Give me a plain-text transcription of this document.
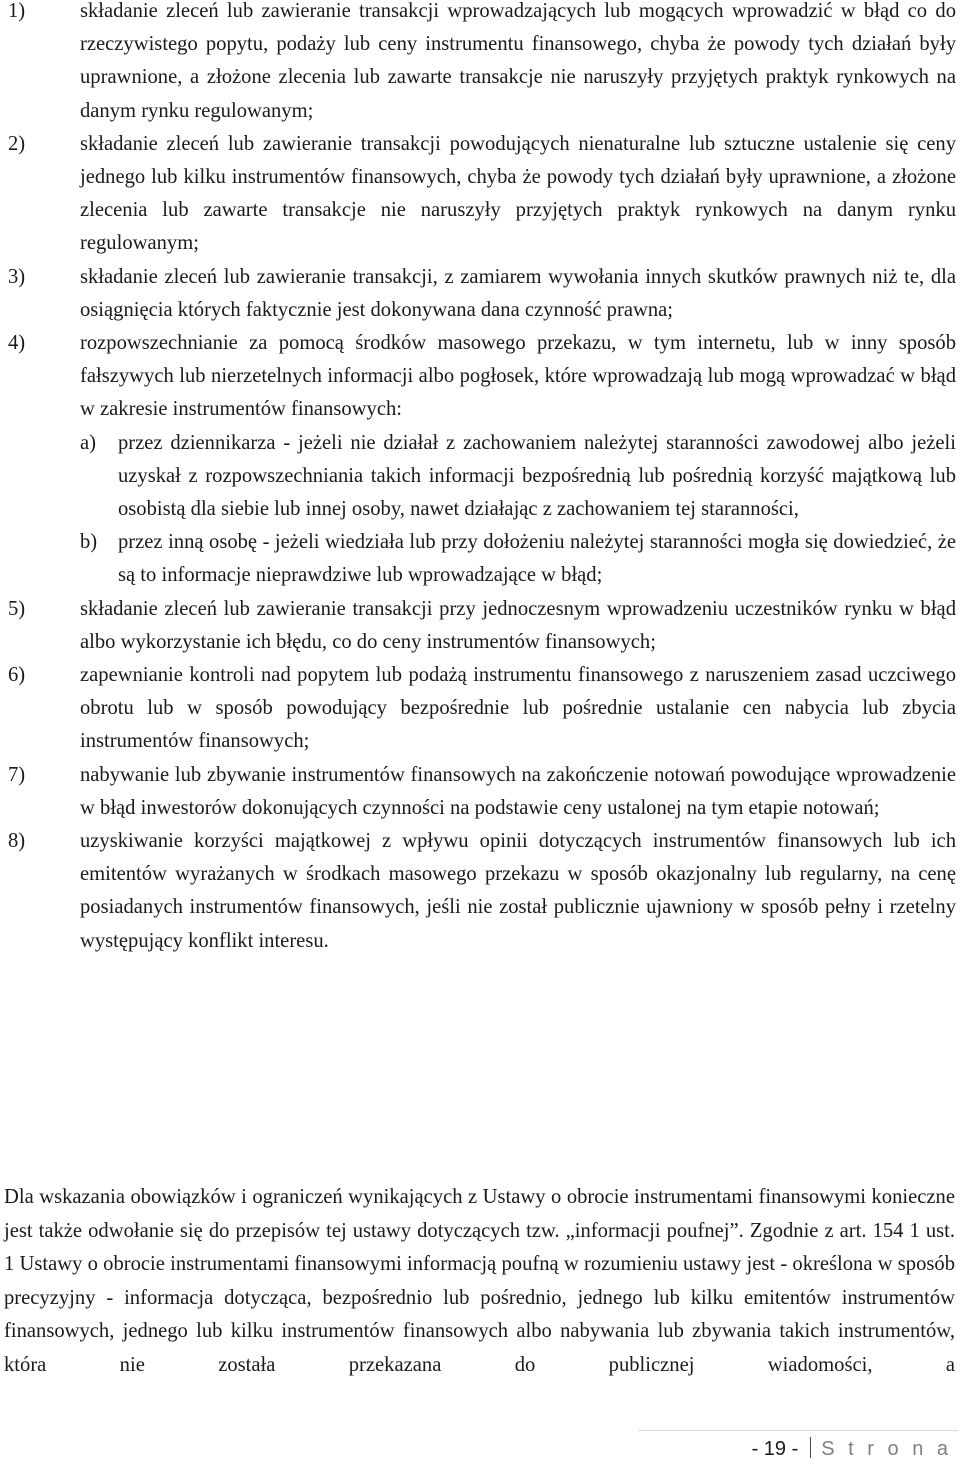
1)	składanie zleceń lub zawieranie transakcji wprowadzających lub mogących wprowadzić w błąd co do rzeczywistego popytu, podaży lub ceny instrumentu finansowego, chyba że powody tych działań były uprawnione, a złożone zlecenia lub zawarte transakcje nie naruszyły przyjętych praktyk rynkowych na danym rynku regulowanym;
2)	składanie zleceń lub zawieranie transakcji powodujących nienaturalne lub sztuczne ustalenie się ceny jednego lub kilku instrumentów finansowych, chyba że powody tych działań były uprawnione, a złożone zlecenia lub zawarte transakcje nie naruszyły przyjętych praktyk rynkowych na danym rynku regulowanym;
3)	składanie zleceń lub zawieranie transakcji, z zamiarem wywołania innych skutków prawnych niż te, dla osiągnięcia których faktycznie jest dokonywana dana czynność prawna;
4)	rozpowszechnianie za pomocą środków masowego przekazu, w tym internetu, lub w inny sposób fałszywych lub nierzetelnych informacji albo pogłosek, które wprowadzają lub mogą wprowadzać w błąd w zakresie instrumentów finansowych:
a)	przez dziennikarza - jeżeli nie działał z zachowaniem należytej staranności zawodowej albo jeżeli uzyskał z rozpowszechniania takich informacji bezpośrednią lub pośrednią korzyść majątkową lub osobistą dla siebie lub innej osoby, nawet działając z zachowaniem tej staranności,
b)	przez inną osobę - jeżeli wiedziała lub przy dołożeniu należytej staranności mogła się dowiedzieć, że są to informacje nieprawdziwe lub wprowadzające w błąd;
5)	składanie zleceń lub zawieranie transakcji przy jednoczesnym wprowadzeniu uczestników rynku w błąd albo wykorzystanie ich błędu, co do ceny instrumentów finansowych;
6)	zapewnianie kontroli nad popytem lub podażą instrumentu finansowego z naruszeniem zasad uczciwego obrotu lub w sposób powodujący bezpośrednie lub pośrednie ustalanie cen nabycia lub zbycia instrumentów finansowych;
7)	nabywanie lub zbywanie instrumentów finansowych na zakończenie notowań powodujące wprowadzenie w błąd inwestorów dokonujących czynności na podstawie ceny ustalonej na tym etapie notowań;
8)	uzyskiwanie korzyści majątkowej z wpływu opinii dotyczących instrumentów finansowych lub ich emitentów wyrażanych w środkach masowego przekazu w sposób okazjonalny lub regularny, na cenę posiadanych instrumentów finansowych, jeśli nie został publicznie ujawniony w sposób pełny i rzetelny występujący konflikt interesu.

Dla wskazania obowiązków i ograniczeń wynikających z Ustawy o obrocie instrumentami finansowymi konieczne jest także odwołanie się do przepisów tej ustawy dotyczących tzw. „informacji poufnej”. Zgodnie z art. 154 1 ust. 1 Ustawy o obrocie instrumentami finansowymi informacją poufną w rozumieniu ustawy jest - określona w sposób precyzyjny - informacja dotycząca, bezpośrednio lub pośrednio, jednego lub kilku emitentów instrumentów finansowych, jednego lub kilku instrumentów finansowych albo nabywania lub zbywania takich instrumentów, która nie została przekazana do publicznej wiadomości, a

- 19 - S t r o n a
